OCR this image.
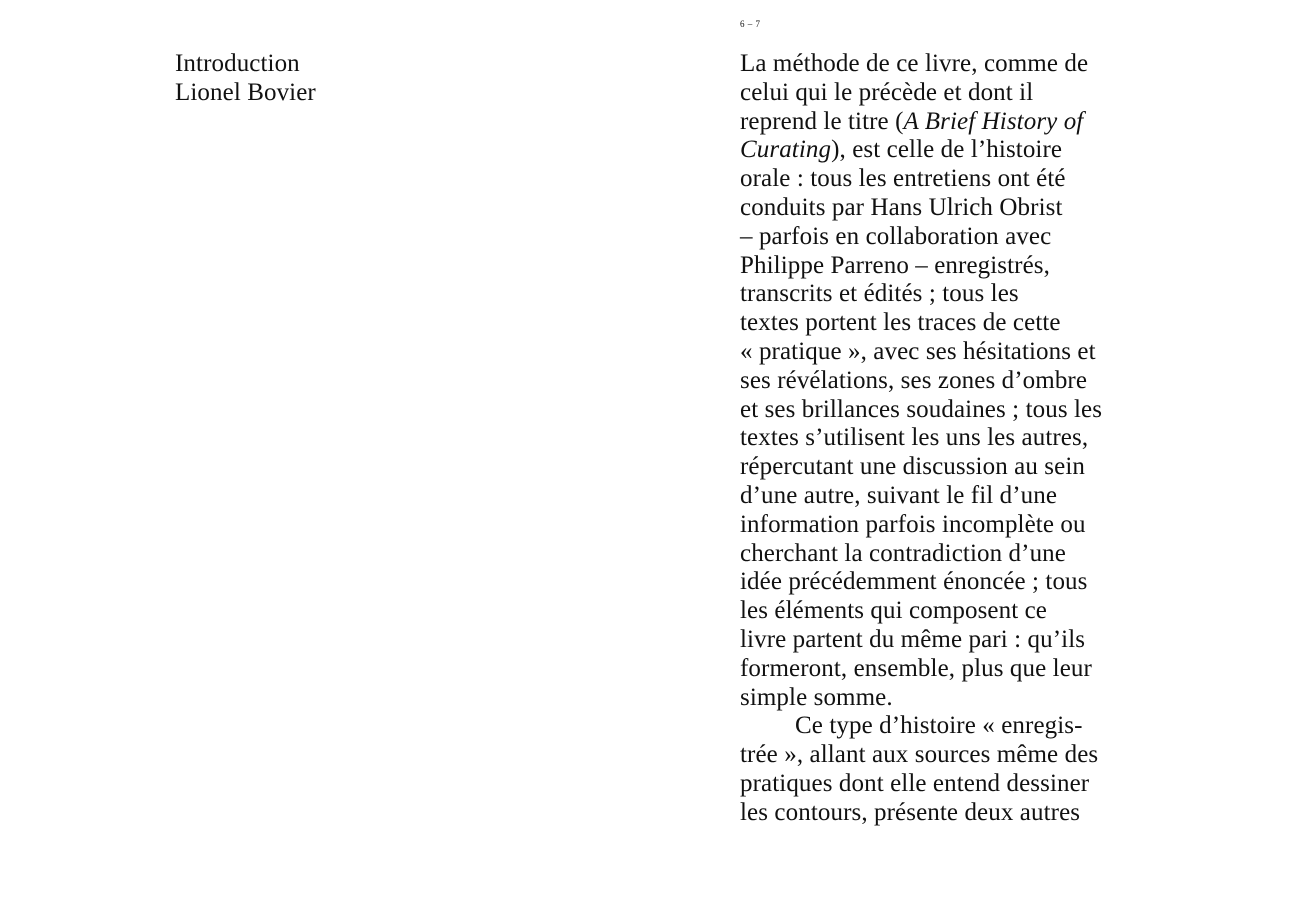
Introduction
Lionel Bovier
6 – 7
La méthode de ce livre, comme de
celui qui le précède et dont il
reprend le titre (A Brief History of
Curating), est celle de l’histoire
orale : tous les entretiens ont été
conduits par Hans Ulrich Obrist
– parfois en collaboration avec
Philippe Parreno – enregistrés,
transcrits et édités ; tous les
textes portent les traces de cette
« pratique », avec ses hésitations et
ses révélations, ses zones d’ombre
et ses brillances soudaines ; tous les
textes s’utilisent les uns les autres,
répercutant une discussion au sein
d’une autre, suivant le fil d’une
information parfois incomplète ou
cherchant la contradiction d’une
idée précédemment énoncée ; tous
les éléments qui composent ce
livre partent du même pari : qu’ils
formeront, ensemble, plus que leur
simple somme.
Ce type d’histoire « enregis-
trée », allant aux sources même des
pratiques dont elle entend dessiner
les contours, présente deux autres
